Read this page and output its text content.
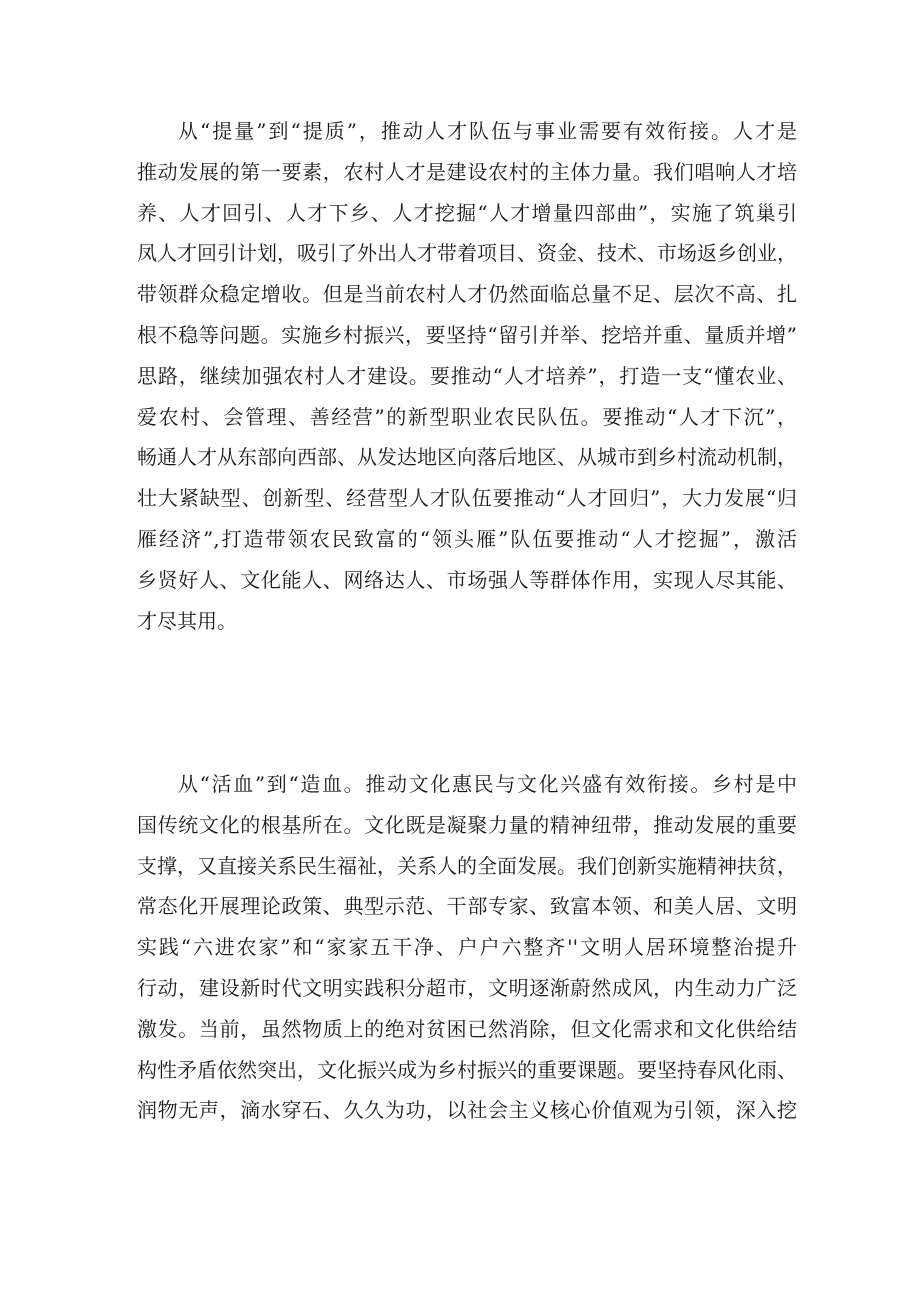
从“提量”到“提质”，推动人才队伍与事业需要有效衔接。人才是
推动发展的第一要素，农村人才是建设农村的主体力量。我们唱响人才培
养、人才回引、人才下乡、人才挖掘“人才增量四部曲”，实施了筑巢引
凤人才回引计划，吸引了外出人才带着项目、资金、技术、市场返乡创业，
带领群众稳定增收。但是当前农村人才仍然面临总量不足、层次不高、扎
根不稳等问题。实施乡村振兴，要坚持“留引并举、挖培并重、量质并增”
思路，继续加强农村人才建设。要推动“人才培养”，打造一支“懂农业、
爱农村、会管理、善经营”的新型职业农民队伍。要推动“人才下沉”，
畅通人才从东部向西部、从发达地区向落后地区、从城市到乡村流动机制，
壮大紧缺型、创新型、经营型人才队伍要推动“人才回归”，大力发展“归
雁经济”,打造带领农民致富的“领头雁”队伍要推动“人才挖掘”，激活
乡贤好人、文化能人、网络达人、市场强人等群体作用，实现人尽其能、
才尽其用。
从“活血”到“造血。推动文化惠民与文化兴盛有效衔接。乡村是中
国传统文化的根基所在。文化既是凝聚力量的精神纽带，推动发展的重要
支撑，又直接关系民生福祉，关系人的全面发展。我们创新实施精神扶贫，
常态化开展理论政策、典型示范、干部专家、致富本领、和美人居、文明
实践“六进农家”和“家家五干净、户户六整齐''文明人居环境整治提升
行动，建设新时代文明实践积分超市，文明逐渐蔚然成风，内生动力广泛
激发。当前，虽然物质上的绝对贫困已然消除，但文化需求和文化供给结
构性矛盾依然突出，文化振兴成为乡村振兴的重要课题。要坚持春风化雨、
润物无声，滴水穿石、久久为功，以社会主义核心价值观为引领，深入挖
